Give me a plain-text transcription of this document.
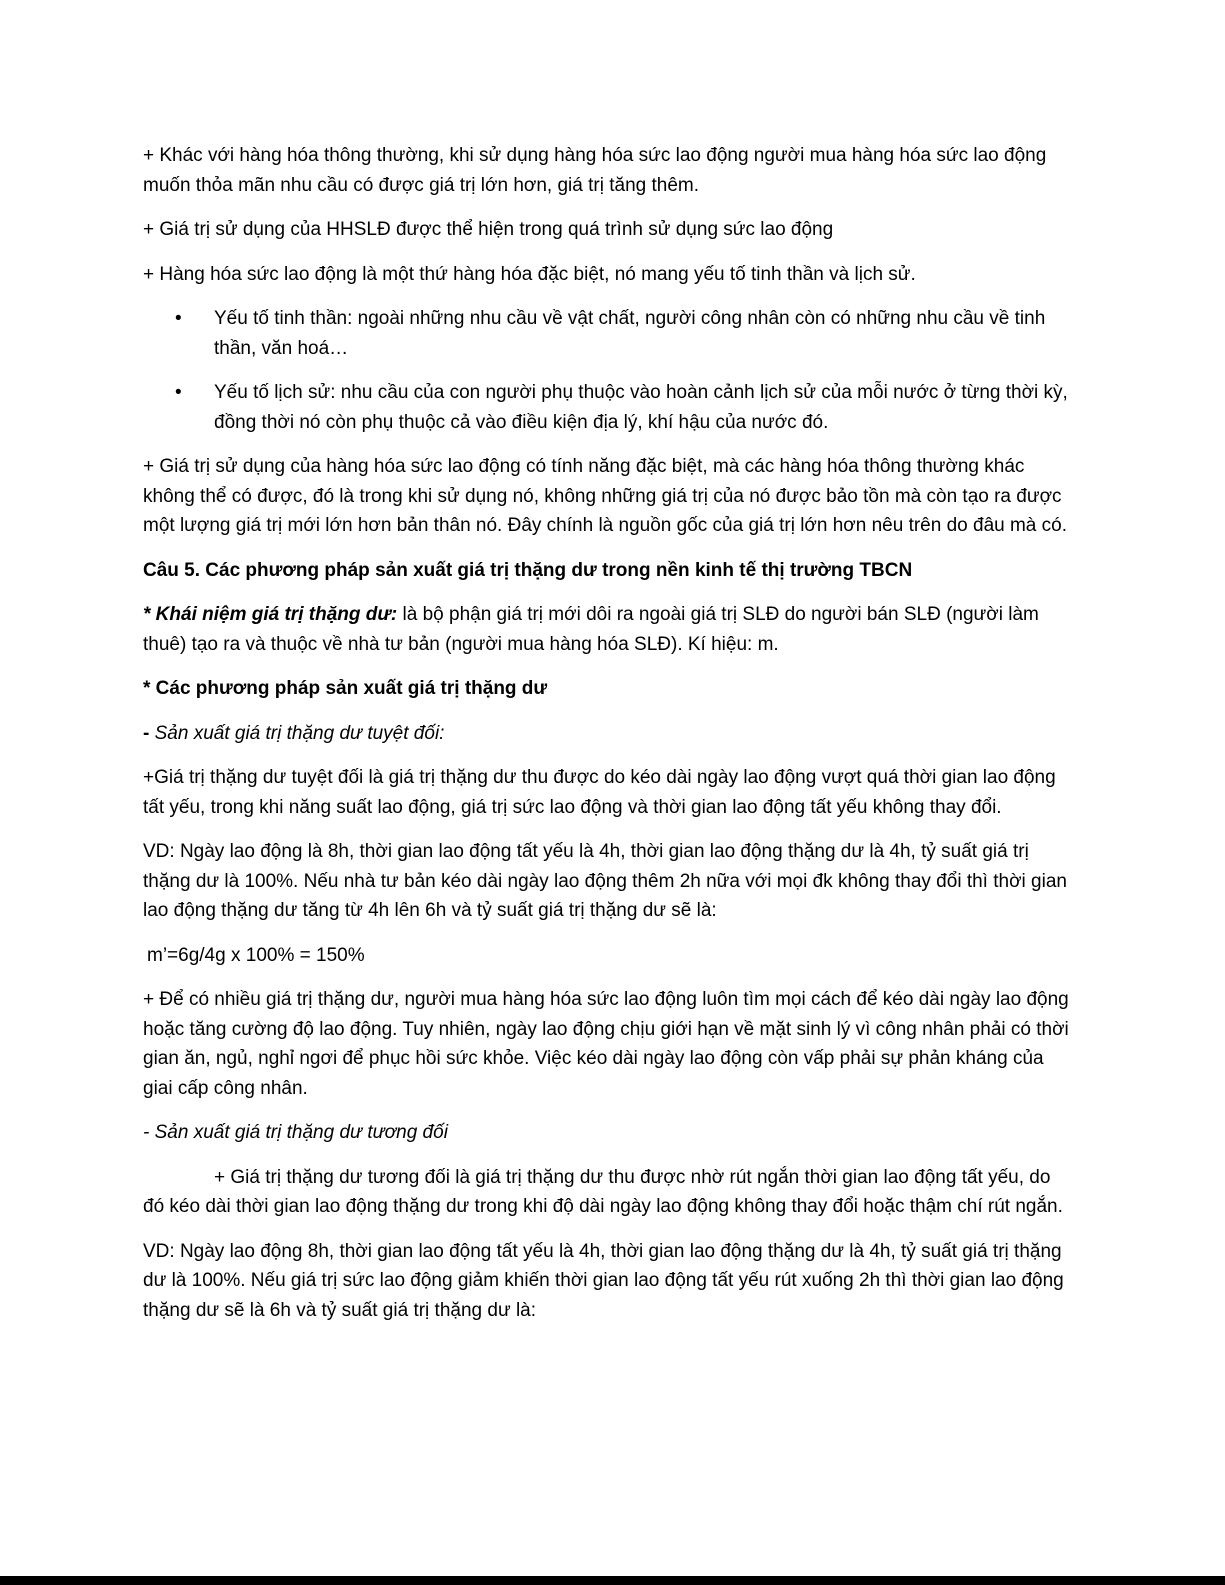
+ Khác với hàng hóa thông thường, khi sử dụng hàng hóa sức lao động người mua hàng hóa sức lao động muốn thỏa mãn nhu cầu có được giá trị lớn hơn, giá trị tăng thêm.

+ Giá trị sử dụng của HHSLĐ được thể hiện trong quá trình sử dụng sức lao động

+ Hàng hóa sức lao động là một thứ hàng hóa đặc biệt, nó mang yếu tố tinh thần và lịch sử.

• Yếu tố tinh thần: ngoài những nhu cầu về vật chất, người công nhân còn có những nhu cầu về tinh thần, văn hoá…
• Yếu tố lịch sử: nhu cầu của con người phụ thuộc vào hoàn cảnh lịch sử của mỗi nước ở từng thời kỳ, đồng thời nó còn phụ thuộc cả vào điều kiện địa lý, khí hậu của nước đó.

+ Giá trị sử dụng của hàng hóa sức lao động có tính năng đặc biệt, mà các hàng hóa thông thường khác không thể có được, đó là trong khi sử dụng nó, không những giá trị của nó được bảo tồn mà còn tạo ra được một lượng giá trị mới lớn hơn bản thân nó. Đây chính là nguồn gốc của giá trị lớn hơn nêu trên do đâu mà có.

Câu 5. Các phương pháp sản xuất giá trị thặng dư trong nền kinh tế thị trường TBCN

* Khái niệm giá trị thặng dư: là bộ phận giá trị mới dôi ra ngoài giá trị SLĐ do người bán SLĐ (người làm thuê) tạo ra và thuộc về nhà tư bản (người mua hàng hóa SLĐ). Kí hiệu: m.

* Các phương pháp sản xuất giá trị thặng dư

- Sản xuất giá trị thặng dư tuyệt đối:

+Giá trị thặng dư tuyệt đối là giá trị thặng dư thu được do kéo dài ngày lao động vượt quá thời gian lao động tất yếu, trong khi năng suất lao động, giá trị sức lao động và thời gian lao động tất yếu không thay đổi.

VD: Ngày lao động là 8h, thời gian lao động tất yếu là 4h, thời gian lao động thặng dư là 4h, tỷ suất giá trị thặng dư là 100%. Nếu nhà tư bản kéo dài ngày lao động thêm 2h nữa với mọi đk không thay đổi thì thời gian lao động thặng dư tăng từ 4h lên 6h và tỷ suất giá trị thặng dư sẽ là:

m’=6g/4g x 100% = 150%

+ Để có nhiều giá trị thặng dư, người mua hàng hóa sức lao động luôn tìm mọi cách để kéo dài ngày lao động hoặc tăng cường độ lao động. Tuy nhiên, ngày lao động chịu giới hạn về mặt sinh lý vì công nhân phải có thời gian ăn, ngủ, nghỉ ngơi để phục hồi sức khỏe. Việc kéo dài ngày lao động còn vấp phải sự phản kháng của giai cấp công nhân.

- Sản xuất giá trị thặng dư tương đối

+ Giá trị thặng dư tương đối là giá trị thặng dư thu được nhờ rút ngắn thời gian lao động tất yếu, do đó kéo dài thời gian lao động thặng dư trong khi độ dài ngày lao động không thay đổi hoặc thậm chí rút ngắn.

VD: Ngày lao động 8h, thời gian lao động tất yếu là 4h, thời gian lao động thặng dư là 4h, tỷ suất giá trị thặng dư là 100%. Nếu giá trị sức lao động giảm khiến thời gian lao động tất yếu rút xuống 2h thì thời gian lao động thặng dư sẽ là 6h và tỷ suất giá trị thặng dư là:
